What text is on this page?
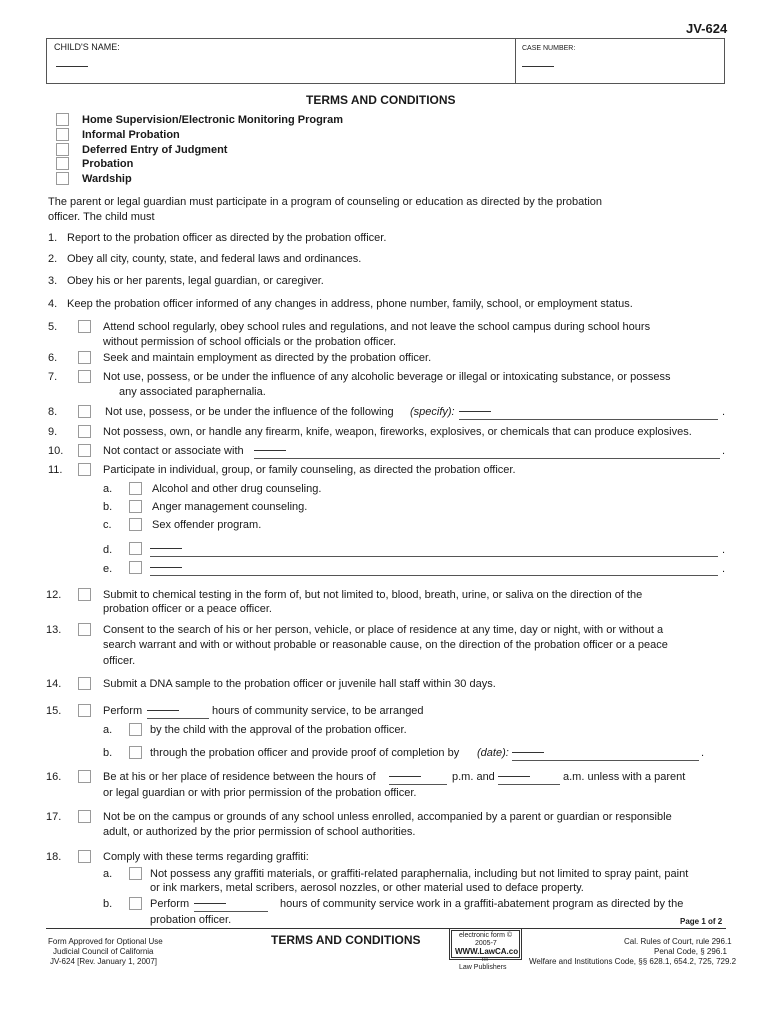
JV-624
CHILD'S NAME:	CASE NUMBER:
TERMS AND CONDITIONS
Home Supervision/Electronic Monitoring Program
Informal Probation
Deferred Entry of Judgment
Probation
Wardship
The parent or legal guardian must participate in a program of counseling or education as directed by the probation
officer. The child must
1. Report to the probation officer as directed by the probation officer.
2. Obey all city, county, state, and federal laws and ordinances.
3. Obey his or her parents, legal guardian, or caregiver.
4. Keep the probation officer informed of any changes in address, phone number, family, school, or employment status.
5.	Attend school regularly, obey school rules and regulations, and not leave the school campus during school hours
without permission of school officials or the probation officer.
6.	Seek and maintain employment as directed by the probation officer.
7.	Not use, possess, or be under the influence of any alcoholic beverage or illegal or intoxicating substance, or possess
any associated paraphernalia.
8.	Not use, possess, or be under the influence of the following (specify):	.
9.	Not possess, own, or handle any firearm, knife, weapon, fireworks, explosives, or chemicals that can produce explosives.
10.	Not contact or associate with	.
11.	Participate in individual, group, or family counseling, as directed the probation officer.
a.	Alcohol and other drug counseling.
b.	Anger management counseling.
c.	Sex offender program.
d.	.
e.	.
12.	Submit to chemical testing in the form of, but not limited to, blood, breath, urine, or saliva on the direction of the
probation officer or a peace officer.
13.	Consent to the search of his or her person, vehicle, or place of residence at any time, day or night, with or without a
search warrant and with or without probable or reasonable cause, on the direction of the probation officer or a peace
officer.
14.	Submit a DNA sample to the probation officer or juvenile hall staff within 30 days.
15.	Perform	hours of community service, to be arranged
a.	by the child with the approval of the probation officer.
b.	through the probation officer and provide proof of completion by (date):	.
16.	Be at his or her place of residence between the hours of	p.m. and	a.m. unless with a parent
or legal guardian or with prior permission of the probation officer.
17.	Not be on the campus or grounds of any school unless enrolled, accompanied by a parent or guardian or responsible
adult, or authorized by the prior permission of school authorities.
18.	Comply with these terms regarding graffiti:
a.	Not possess any graffiti materials, or graffiti-related paraphernalia, including but not limited to spray paint, paint
or ink markers, metal scribers, aerosol nozzles, or other material used to deface property.
b.	Perform	hours of community service work in a graffiti-abatement program as directed by the
probation officer.	Page 1 of 2
Form Approved for Optional Use
Judicial Council of California
JV-624 [Rev. January 1, 2007]
TERMS AND CONDITIONS	electronic form ©
2005-7
WWW.LawCA.co
m
Law Publishers
Cal. Rules of Court, rule 296.1
Penal Code, § 296.1
Welfare and Institutions Code, §§ 628.1, 654.2, 725, 729.2
